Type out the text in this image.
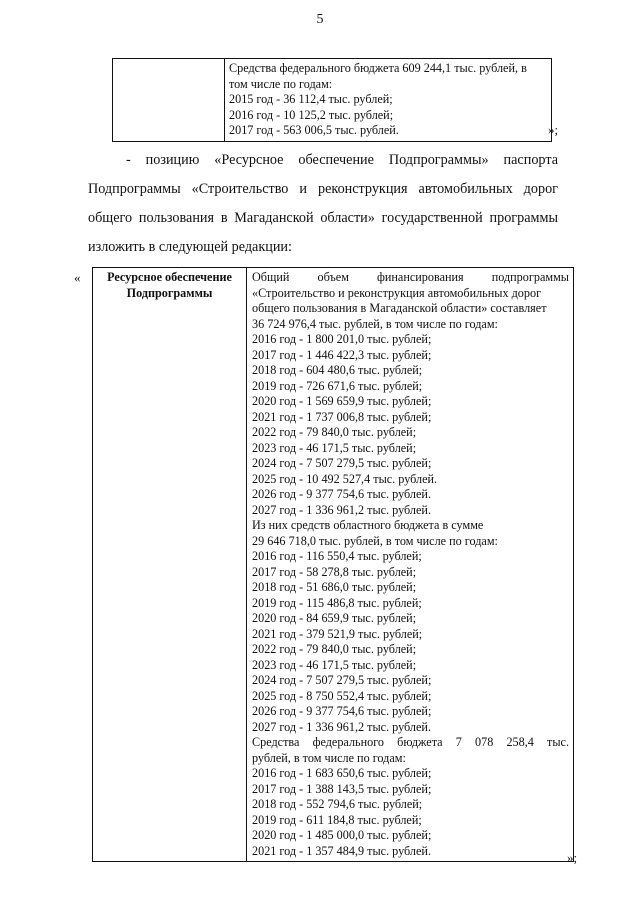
5

Средства федерального бюджета 609 244,1 тыс. рублей, в
том числе по годам:
2015 год - 36 112,4 тыс. рублей;
2016 год - 10 125,2 тыс. рублей;
2017 год - 563 006,5 тыс. рублей.	»;
- позицию «Ресурсное обеспечение Подпрограммы» паспорта
Подпрограммы «Строительство и реконструкция автомобильных дорог
общего пользования в Магаданской области» государственной программы
изложить в следующей редакции:
«	Ресурсное обеспечение
Подпрограммы

Общий объем финансирования подпрограммы
«Строительство и реконструкция автомобильных дорог
общего пользования в Магаданской области» составляет
36 724 976,4 тыс. рублей, в том числе по годам:
2016 год - 1 800 201,0 тыс. рублей;
2017 год - 1 446 422,3 тыс. рублей;
2018 год - 604 480,6 тыс. рублей;
2019 год - 726 671,6 тыс. рублей;
2020 год - 1 569 659,9 тыс. рублей;
2021 год - 1 737 006,8 тыс. рублей;
2022 год - 79 840,0 тыс. рублей;
2023 год - 46 171,5 тыс. рублей;
2024 год - 7 507 279,5 тыс. рублей;
2025 год - 10 492 527,4 тыс. рублей.
2026 год - 9 377 754,6 тыс. рублей.
2027 год - 1 336 961,2 тыс. рублей.
Из них средств областного бюджета в сумме
29 646 718,0 тыс. рублей, в том числе по годам:
2016 год - 116 550,4 тыс. рублей;
2017 год - 58 278,8 тыс. рублей;
2018 год - 51 686,0 тыс. рублей;
2019 год - 115 486,8 тыс. рублей;
2020 год - 84 659,9 тыс. рублей;
2021 год - 379 521,9 тыс. рублей;
2022 год - 79 840,0 тыс. рублей;
2023 год - 46 171,5 тыс. рублей;
2024 год - 7 507 279,5 тыс. рублей;
2025 год - 8 750 552,4 тыс. рублей;
2026 год - 9 377 754,6 тыс. рублей;
2027 год - 1 336 961,2 тыс. рублей.
Средства федерального бюджета 7 078 258,4 тыс.
рублей, в том числе по годам:
2016 год - 1 683 650,6 тыс. рублей;
2017 год - 1 388 143,5 тыс. рублей;
2018 год - 552 794,6 тыс. рублей;
2019 год - 611 184,8 тыс. рублей;
2020 год - 1 485 000,0 тыс. рублей;
2021 год - 1 357 484,9 тыс. рублей.	»;
